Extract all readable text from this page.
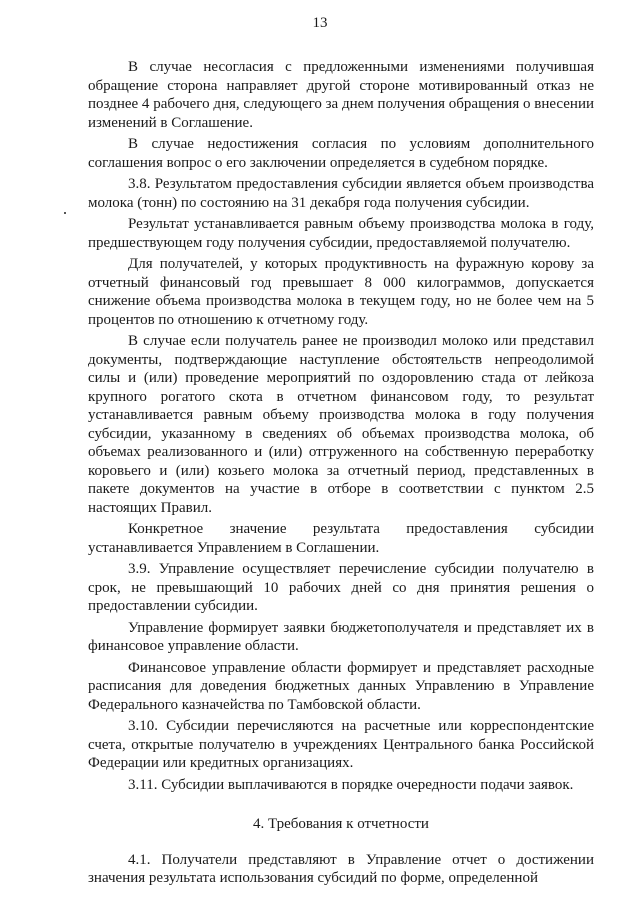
13

В случае несогласия с предложенными изменениями получившая обращение сторона направляет другой стороне мотивированный отказ не позднее 4 рабочего дня, следующего за днем получения обращения о внесении изменений в Соглашение.

В случае недостижения согласия по условиям дополнительного соглашения вопрос о его заключении определяется в судебном порядке.

3.8. Результатом предоставления субсидии является объем производства молока (тонн) по состоянию на 31 декабря года получения субсидии.

Результат устанавливается равным объему производства молока в году, предшествующем году получения субсидии, предоставляемой получателю.

Для получателей, у которых продуктивность на фуражную корову за отчетный финансовый год превышает 8 000 килограммов, допускается снижение объема производства молока в текущем году, но не более чем на 5 процентов по отношению к отчетному году.

В случае если получатель ранее не производил молоко или представил документы, подтверждающие наступление обстоятельств непреодолимой силы и (или) проведение мероприятий по оздоровлению стада от лейкоза крупного рогатого скота в отчетном финансовом году, то результат устанавливается равным объему производства молока в году получения субсидии, указанному в сведениях об объемах производства молока, об объемах реализованного и (или) отгруженного на собственную переработку коровьего и (или) козьего молока за отчетный период, представленных в пакете документов на участие в отборе в соответствии с пунктом 2.5 настоящих Правил.

Конкретное значение результата предоставления субсидии устанавливается Управлением в Соглашении.

3.9. Управление осуществляет перечисление субсидии получателю в срок, не превышающий 10 рабочих дней со дня принятия решения о предоставлении субсидии.

Управление формирует заявки бюджетополучателя и представляет их в финансовое управление области.

Финансовое управление области формирует и представляет расходные расписания для доведения бюджетных данных Управлению в Управление Федерального казначейства по Тамбовской области.

3.10. Субсидии перечисляются на расчетные или корреспондентские счета, открытые получателю в учреждениях Центрального банка Российской Федерации или кредитных организациях.

3.11. Субсидии выплачиваются в порядке очередности подачи заявок.

4. Требования к отчетности

4.1. Получатели представляют в Управление отчет о достижении значения результата использования субсидий по форме, определенной
